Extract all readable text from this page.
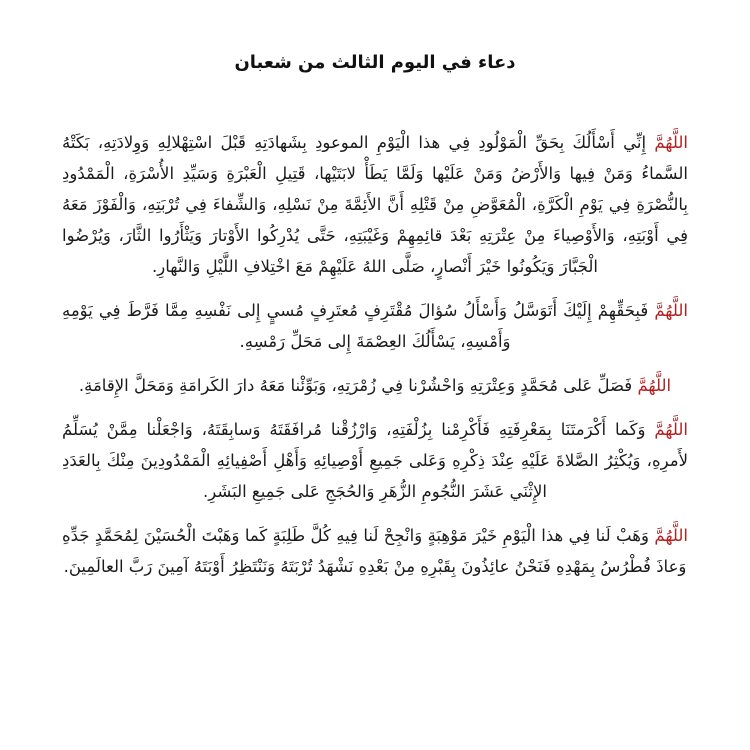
دعاء في اليوم الثالث من شعبان

اللَّهُمَّ إِنِّي أَسْأَلُكَ بِحَقِّ الْمَوْلُودِ فِي هذا الْيَوْمِ الموعودِ بِشَهادَتِهِ قَبْلَ اسْتِهْلالِهِ وَوِلادَتِهِ، بَكَتْهُ السَّماءُ وَمَنْ فِيها وَالأَرْضُ وَمَنْ عَلَيْها وَلَمَّا يَطَأْ لابَتَيْها، قَتِيلِ الْعَبْرَةِ وَسَيِّدِ الأُسْرَةِ، الْمَمْدُودِ بِالنُّصْرَةِ فِي يَوْمِ الْكَرَّةِ، الْمُعَوَّضِ مِنْ قَتْلِهِ أَنَّ الأَئِمَّةَ مِنْ نَسْلِهِ، وَالشِّفاءَ فِي تُرْبَتِهِ، وَالْفَوْزَ مَعَهُ فِي أَوْبَتِهِ، وَالأَوْصِياءَ مِنْ عِتْرَتِهِ بَعْدَ قائِمِهِمْ وَغَيْبَتِهِ، حَتَّى يُدْرِكُوا الأَوْتارَ وَيَثْأَرُوا الثَّارَ، وَيُرْضُوا الْجَبَّارَ وَيَكُونُوا خَيْرَ أَنْصارٍ، صَلَّى اللهُ عَلَيْهِمْ مَعَ اخْتِلافِ اللَّيْلِ وَالنَّهارِ.

اللَّهُمَّ فَبِحَقِّهِمْ إِلَيْكَ أَتَوَسَّلُ وَأَسْأَلُ سُؤالَ مُقْتَرِفٍ مُعتَرِفٍ مُسيٍ إِلى نَفْسِهِ مِمَّا فَرَّطَ فِي يَوْمِهِ وَأَمْسِهِ، يَسْأَلُكَ العِصْمَةَ إِلى مَحَلِّ رَمْسِهِ.

اللَّهُمَّ فَصَلِّ عَلى مُحَمَّدٍ وَعِتْرَتِهِ وَاحْشُرْنا فِي زُمْرَتِهِ، وَبَوِّئْنا مَعَهُ دارَ الكَرامَةِ وَمَحَلَّ الإِقامَةِ.

اللَّهُمَّ وَكَما أَكْرَمتَنَا بِمَعْرِفَتِهِ فَأَكْرِمْنا بِزُلْفَتِهِ، وَارْزُقْنا مُرافَقَتَهُ وَسابِقَتَهُ، وَاجْعَلْنا مِمَّنْ يُسَلِّمُ لأَمرِهِ، وَيُكْثِرُ الصَّلاةَ عَلَيْهِ عِنْدَ ذِكْرِهِ وَعَلى جَمِيعِ أَوْصِيائِهِ وَأَهْلِ أَصْفِيائِهِ الْمَمْدُودِينَ مِنْكَ بِالعَدَدِ الإِثْنَي عَشَرَ النُّجُومِ الزُّهَرِ وَالحُجَجِ عَلى جَمِيعِ البَشَرِ.

اللَّهُمَّ وَهَبْ لَنا فِي هذا الْيَوْمِ خَيْرَ مَوْهِبَةٍ وَانْجِحْ لَنا فِيهِ كُلَّ طَلِبَةٍ كَما وَهَبْتَ الْحُسَيْنَ لِمُحَمَّدٍ جَدِّهِ وَعاذَ فُطْرُسُ بِمَهْدِهِ فَنَحْنُ عائِذُونَ بِقَبْرِهِ مِنْ بَعْدِهِ نَشْهَدُ تُرْبَتَهُ وَنَنْتَظِرُ أَوْبَتَهُ آمِينَ رَبَّ العالَمِينَ.
